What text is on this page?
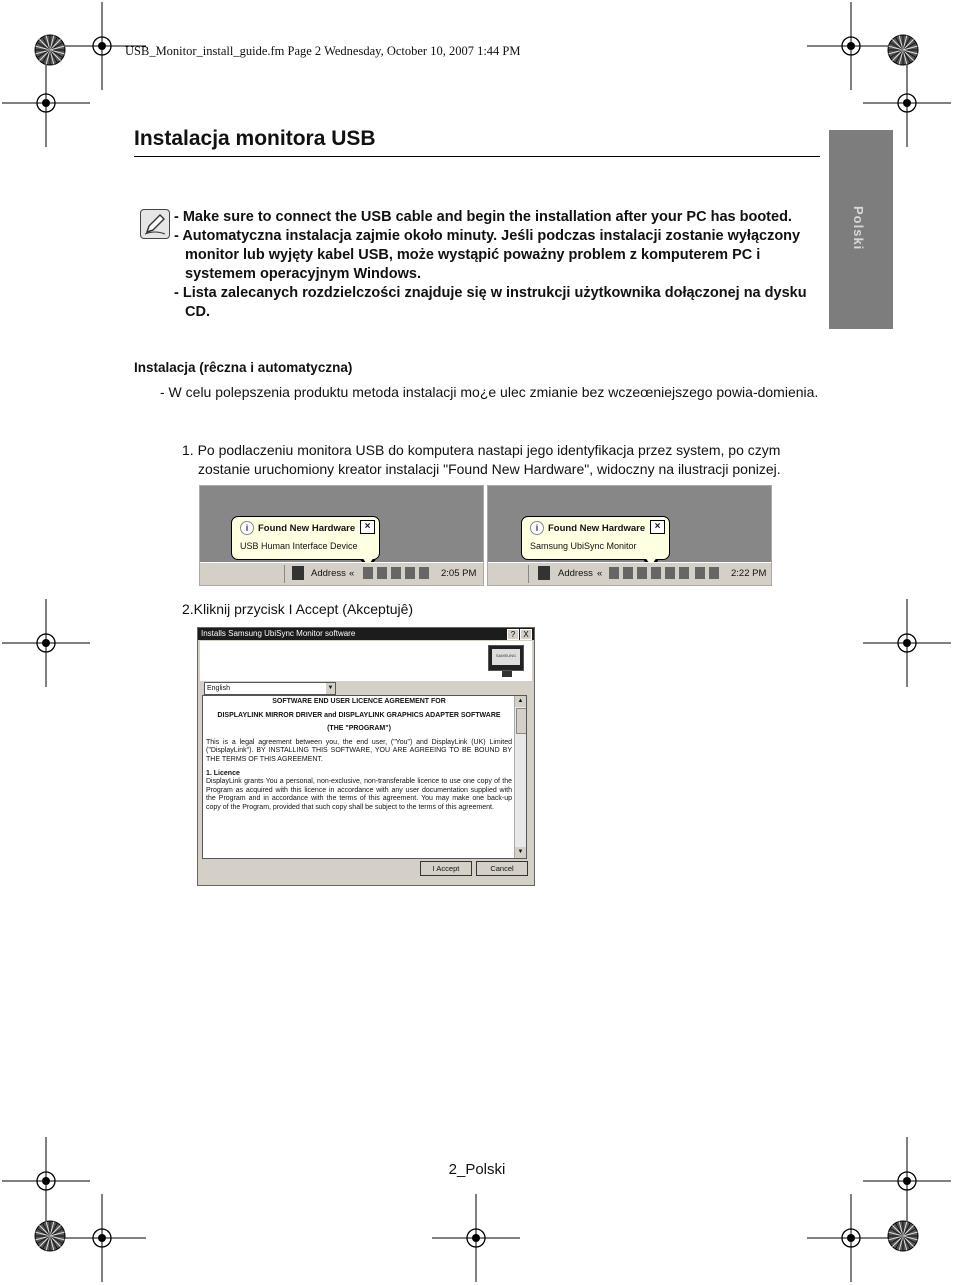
USB_Monitor_install_guide.fm Page 2 Wednesday, October 10, 2007 1:44 PM
Instalacja monitora USB
Polski

- Make sure to connect the USB cable and begin the installation after your PC has booted.

- Automatyczna instalacja zajmie około minuty. Jeśli podczas instalacji zostanie wyłączony monitor lub wyjęty kabel USB, może wystąpić poważny problem z komputerem PC i systemem operacyjnym Windows.

- Lista zalecanych rozdzielczości znajduje się w instrukcji użytkownika dołączonej na dysku CD.

Instalacja (rêczna i automatyczna)

- W celu polepszenia produktu metoda instalacji mo¿e ulec zmianie bez wczeœniejszego powia-domienia.

1. Po podlaczeniu monitora USB do komputera nastapi jego identyfikacja przez system, po czym zostanie uruchomiony kreator instalacji "Found New Hardware", widoczny na ilustracji ponizej.

i	Found New Hardware ×
USB Human Interface Device
Address «	2:05 PM
i	Found New Hardware ×
Samsung UbiSync Monitor
Address «	2:22 PM
2.Kliknij przycisk I Accept (Akceptujê)
Installs Samsung UbiSync Monitor software	?	X
SAMSUNG
English	▼

SOFTWARE END USER LICENCE AGREEMENT FOR

DISPLAYLINK MIRROR DRIVER and DISPLAYLINK GRAPHICS ADAPTER SOFTWARE

(THE "PROGRAM")

This is a legal agreement between you, the end user, ("You") and DisplayLink (UK) Limited ("DisplayLink"). BY INSTALLING THIS SOFTWARE, YOU ARE AGREEING TO BE BOUND BY THE TERMS OF THIS AGREEMENT.

1. Licence

DisplayLink grants You a personal, non-exclusive, non-transferable licence to use one copy of the Program as acquired with this licence in accordance with any user documentation supplied with the Program and in accordance with the terms of this agreement. You may make one back-up copy of the Program, provided that such copy shall be subject to the terms of this agreement.

▲
▼
I Accept	Cancel
2_Polski
